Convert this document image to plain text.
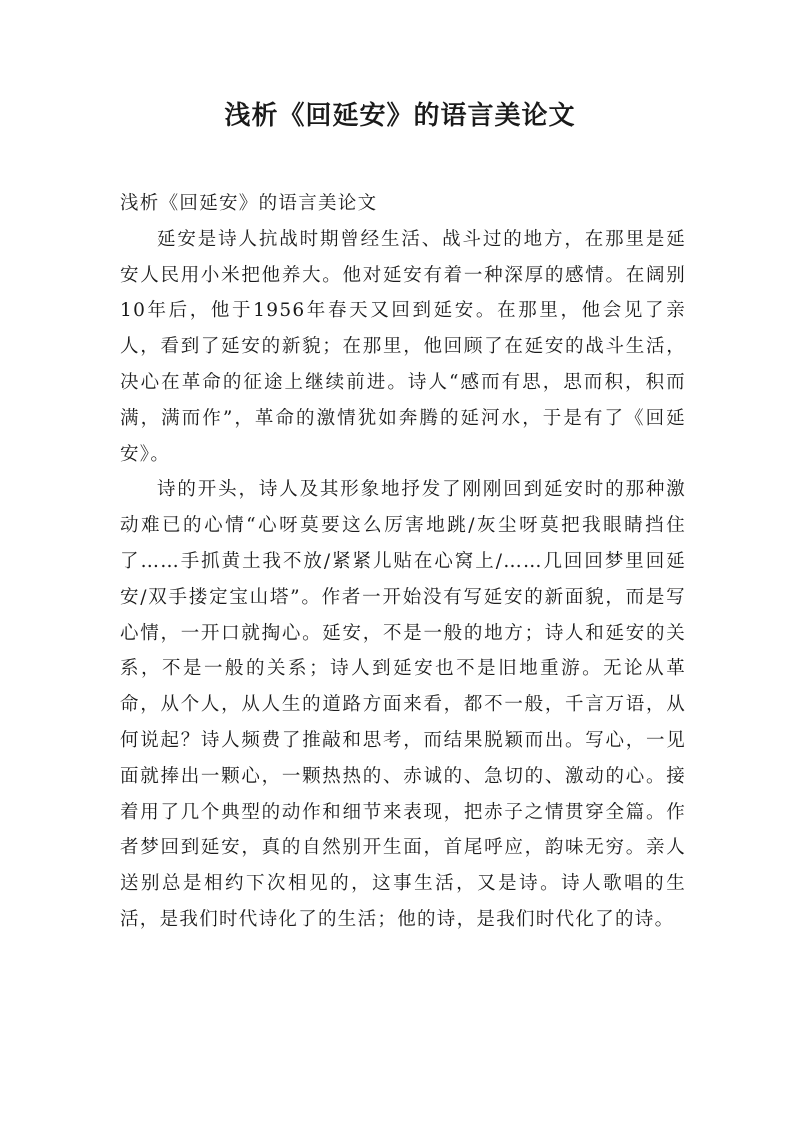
浅析《回延安》的语言美论文

浅析《回延安》的语言美论文

延安是诗人抗战时期曾经生活、战斗过的地方，在那里是延安人民用小米把他养大。他对延安有着一种深厚的感情。在阔别10年后，他于1956年春天又回到延安。在那里，他会见了亲人，看到了延安的新貌；在那里，他回顾了在延安的战斗生活，决心在革命的征途上继续前进。诗人“感而有思，思而积，积而满，满而作”，革命的激情犹如奔腾的延河水，于是有了《回延安》。

诗的开头，诗人及其形象地抒发了刚刚回到延安时的那种激动难已的心情“心呀莫要这么厉害地跳/灰尘呀莫把我眼睛挡住了……手抓黄土我不放/紧紧儿贴在心窝上/……几回回梦里回延安/双手搂定宝山塔”。作者一开始没有写延安的新面貌，而是写心情，一开口就掏心。延安，不是一般的地方；诗人和延安的关系，不是一般的关系；诗人到延安也不是旧地重游。无论从革命，从个人，从人生的道路方面来看，都不一般，千言万语，从何说起？诗人频费了推敲和思考，而结果脱颖而出。写心，一见面就捧出一颗心，一颗热热的、赤诚的、急切的、激动的心。接着用了几个典型的动作和细节来表现，把赤子之情贯穿全篇。作者梦回到延安，真的自然别开生面，首尾呼应，韵味无穷。亲人送别总是相约下次相见的，这事生活，又是诗。诗人歌唱的生活，是我们时代诗化了的生活；他的诗，是我们时代化了的诗。
